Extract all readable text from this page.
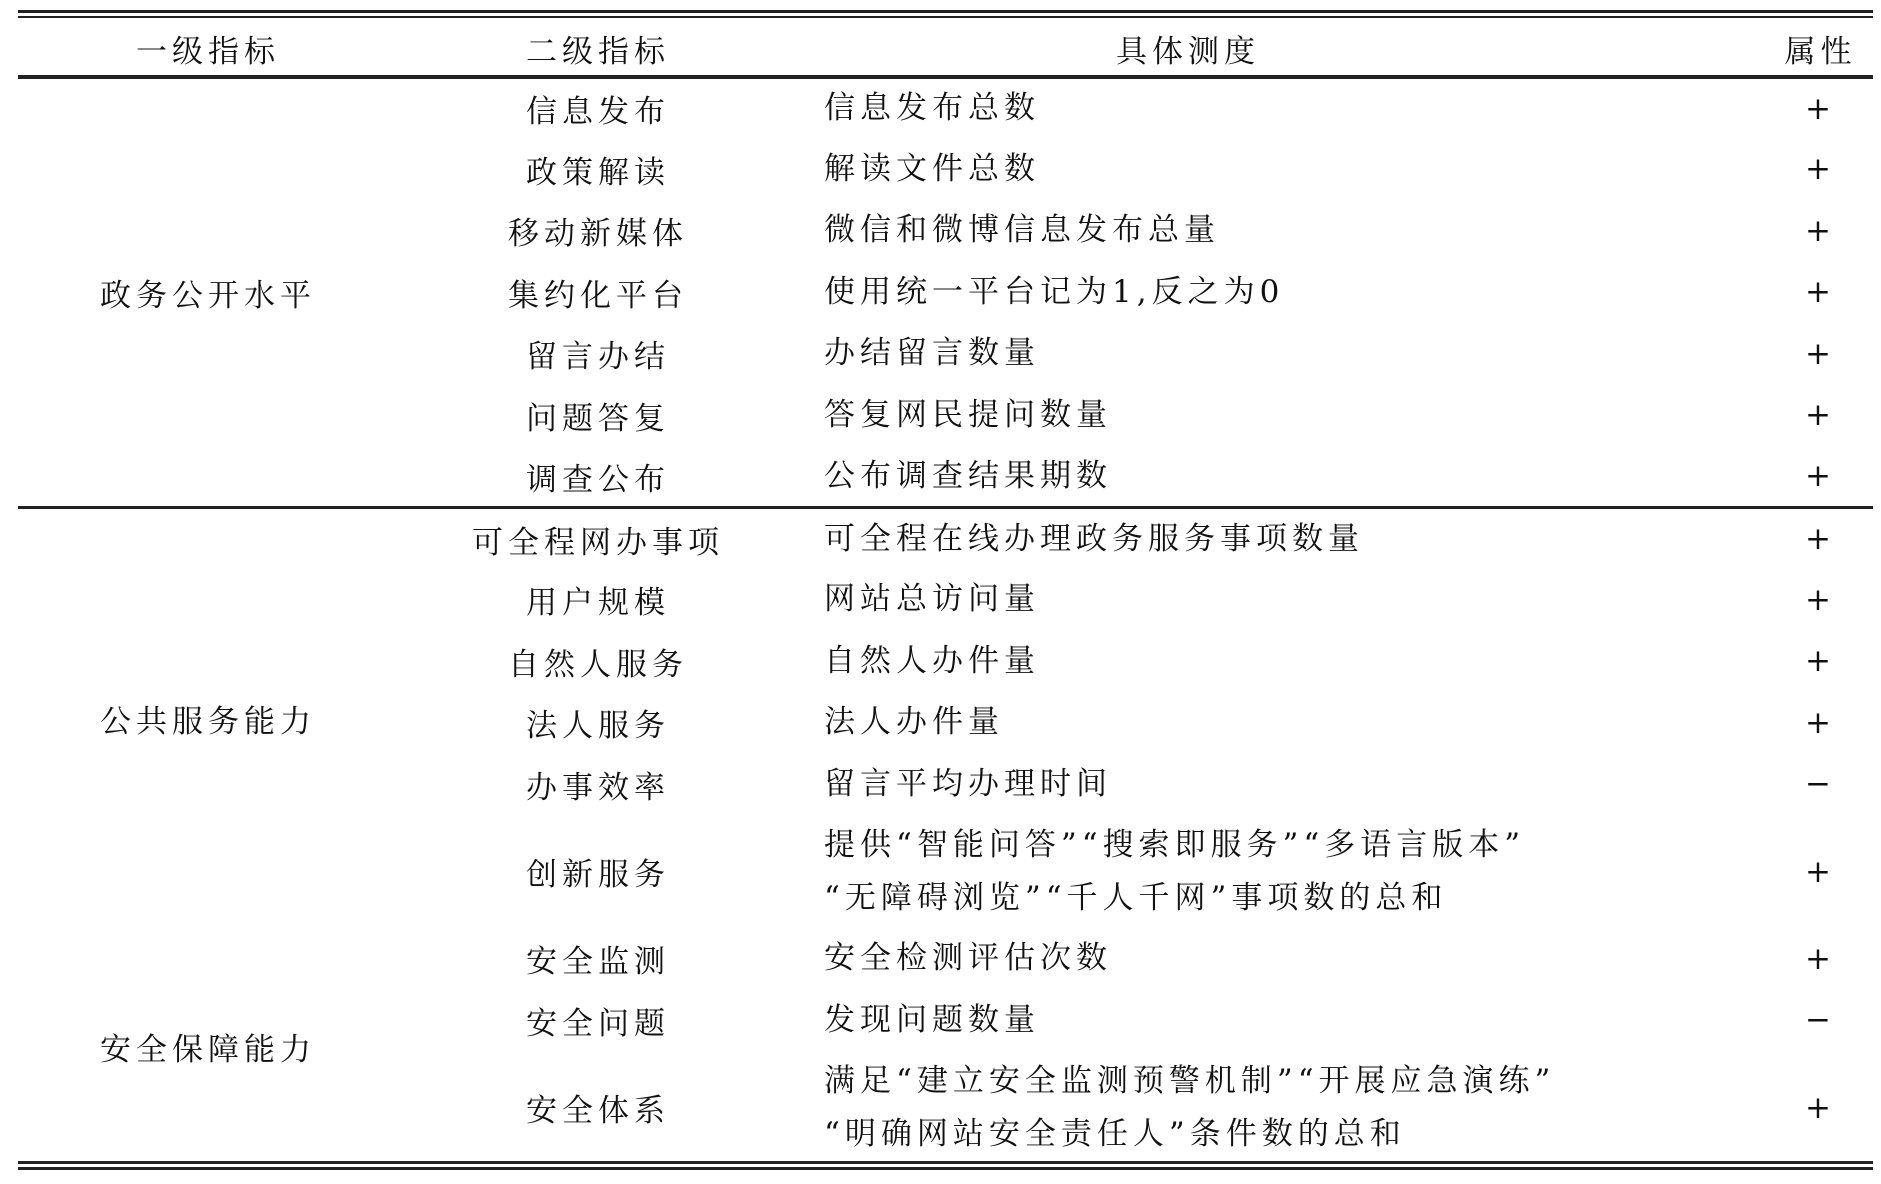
一级指标	二级指标	具体测度	属性
政务公开水平	信息发布	信息发布总数	+
	政策解读	解读文件总数	+
	移动新媒体	微信和微博信息发布总量	+
	集约化平台	使用统一平台记为1,反之为0	+
	留言办结	办结留言数量	+
	问题答复	答复网民提问数量	+
	调查公布	公布调查结果期数	+
公共服务能力	可全程网办事项	可全程在线办理政务服务事项数量	+
	用户规模	网站总访问量	+
	自然人服务	自然人办件量	+
	法人服务	法人办件量	+
	办事效率	留言平均办理时间	−
	创新服务	提供“智能问答”“搜索即服务”“多语言版本”
“无障碍浏览”“千人千网”事项数的总和	+
安全保障能力	安全监测	安全检测评估次数	+
	安全问题	发现问题数量	−
	安全体系	满足“建立安全监测预警机制”“开展应急演练”
“明确网站安全责任人”条件数的总和	+
